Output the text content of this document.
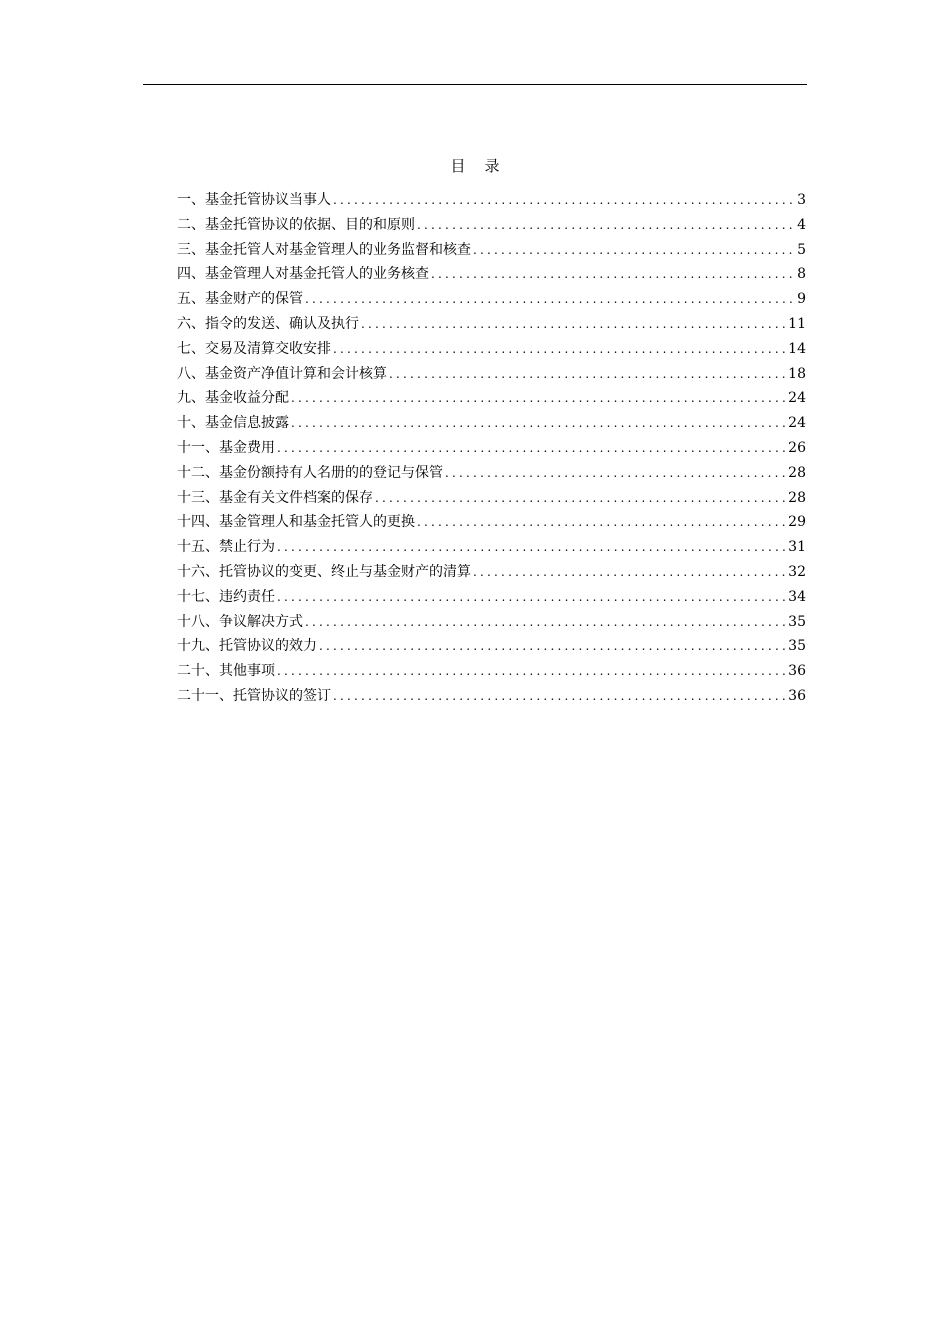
目    录
一、基金托管协议当事人 .....	3
二、基金托管协议的依据、目的和原则 .....	4
三、基金托管人对基金管理人的业务监督和核查 .....	5
四、基金管理人对基金托管人的业务核查 .....	8
五、基金财产的保管 .....	9
六、指令的发送、确认及执行 .....	11
七、交易及清算交收安排 .....	14
八、基金资产净值计算和会计核算 .....	18
九、基金收益分配 .....	24
十、基金信息披露 .....	24
十一、基金费用 .....	26
十二、基金份额持有人名册的的登记与保管 .....	28
十三、基金有关文件档案的保存 .....	28
十四、基金管理人和基金托管人的更换 .....	29
十五、禁止行为 .....	31
十六、托管协议的变更、终止与基金财产的清算 .....	32
十七、违约责任 .....	34
十八、争议解决方式 .....	35
十九、托管协议的效力 .....	35
二十、其他事项 .....	36
二十一、托管协议的签订 .....	36
